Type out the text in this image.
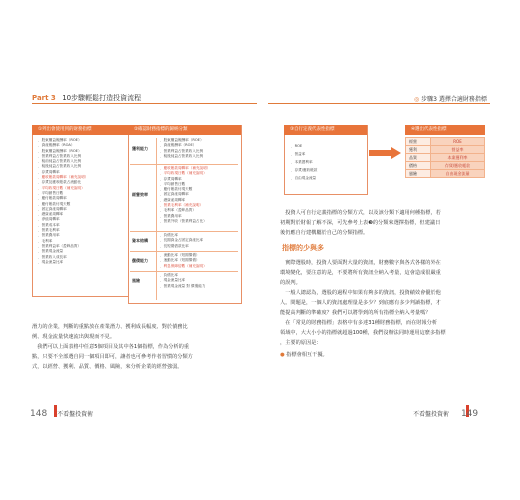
Part 3 10步驟輕鬆打造投資流程	◎ 步驟3 選擇合適財務指標
①列出會使用到的財務指標
．股東權益報酬率（ROE）
．資產報酬率（ROA）
．股東權益報酬率（ROE）
．營業利益占營業收入比例
．稅前純益占營業收入比例
．稅後純益占營業收入比例
．存貨周轉率
．應收帳款周轉率（補充說明）
．存貨及應收帳款占流動比
．平均收現日數（補充說明）
．平均銷售日數
．應付帳款周轉率
．應付帳款付現天數
．固定資產周轉率
．總資產周轉率
．淨值周轉率
．營業成本率
．營業毛利率
．營業費用率
．毛利率
．營業利益率（盈餘品質）
．營業現金流量
．營業收入成長率
．現金流量比率
②確認財務指標的歸納分類
獲利能力
．股東權益報酬率（ROE）
．資產報酬率（ROE）
．營業利益占營業收入比例
．稅後純益占營業收入比例
經營效率
．應收帳款周轉率（補充說明）
．平均收現日數（補充說明）
．存貨周轉率
．平均銷售日數
．應付帳款付現天數
．固定資產周轉率
．總資產周轉率
．營業毛利率（補充說明）
．毛利率（盈餘品質）
．營業費用率
．營業外收（營業利益占比）
資本結構
．負債比率
．長期資金占固定資產比率
．長短期借款比率
償債能力
．流動比率（短期償債）
．速動比率（短期償債）
．利息保障倍數（補充說明）
風險
．負債比率
．現金流量比率
．營業現金流量 對 償債能力
潛力的企業，判斷的重點放在產業潛力、獲利成長幅度、對於債務比
例、現金流量快速流出與現而不見。
　我們可以上面表格中任意5個項目及其中各1個指標，作為分析的重
點，只要不全部選自同一個項目即可，讓者也可參考作者習慣的分類方
式，以經營、獲利、品質、價格、風險，來分析企業的經營強弱。
148 不看盤投資術
③自行定義代表性指標
．ROE
．營益率
．本業獲利率
．存貨/應收帳款
．自由現金流量
④選出代表性指標
經營	ROE
獲利	營益率
品質	本業獲利率
價格	存貨/應收帳款
風險	自由現金流量
　投資人可自行定義指標的分類方式，以及該分類下適用何種指標，若
初期對於財報了解不深，可先參考上表❸的分類來選擇指標，但建議日
後仍應自行建構屬於自己的分類指標。
指標的少與多
　實際選股時，投資人要面對大量的資訊，財務數字與各式各樣的外在
環境變化，要注意的是，不要將所有資訊全納入考量，這會造成很嚴重
的誤判。
　一般人總認為，選股的過程中如果有夠多的資訊，投資績效會優於他
人。問題是，一個人的資訊處理量是多少？到底應有多少判讀指標，才
能提高判斷的準確度？我們可以將學到的所有指標全納入考量嗎？
　在「常見的財務指標」表格中有多達31種財務指標，而在財報分析
領域中，大大小小的指標就超過100種，我們沒辦法同時運用這麼多指標
，主要的原因是：
● 指標會相互干擾。
不看盤投資術 149
